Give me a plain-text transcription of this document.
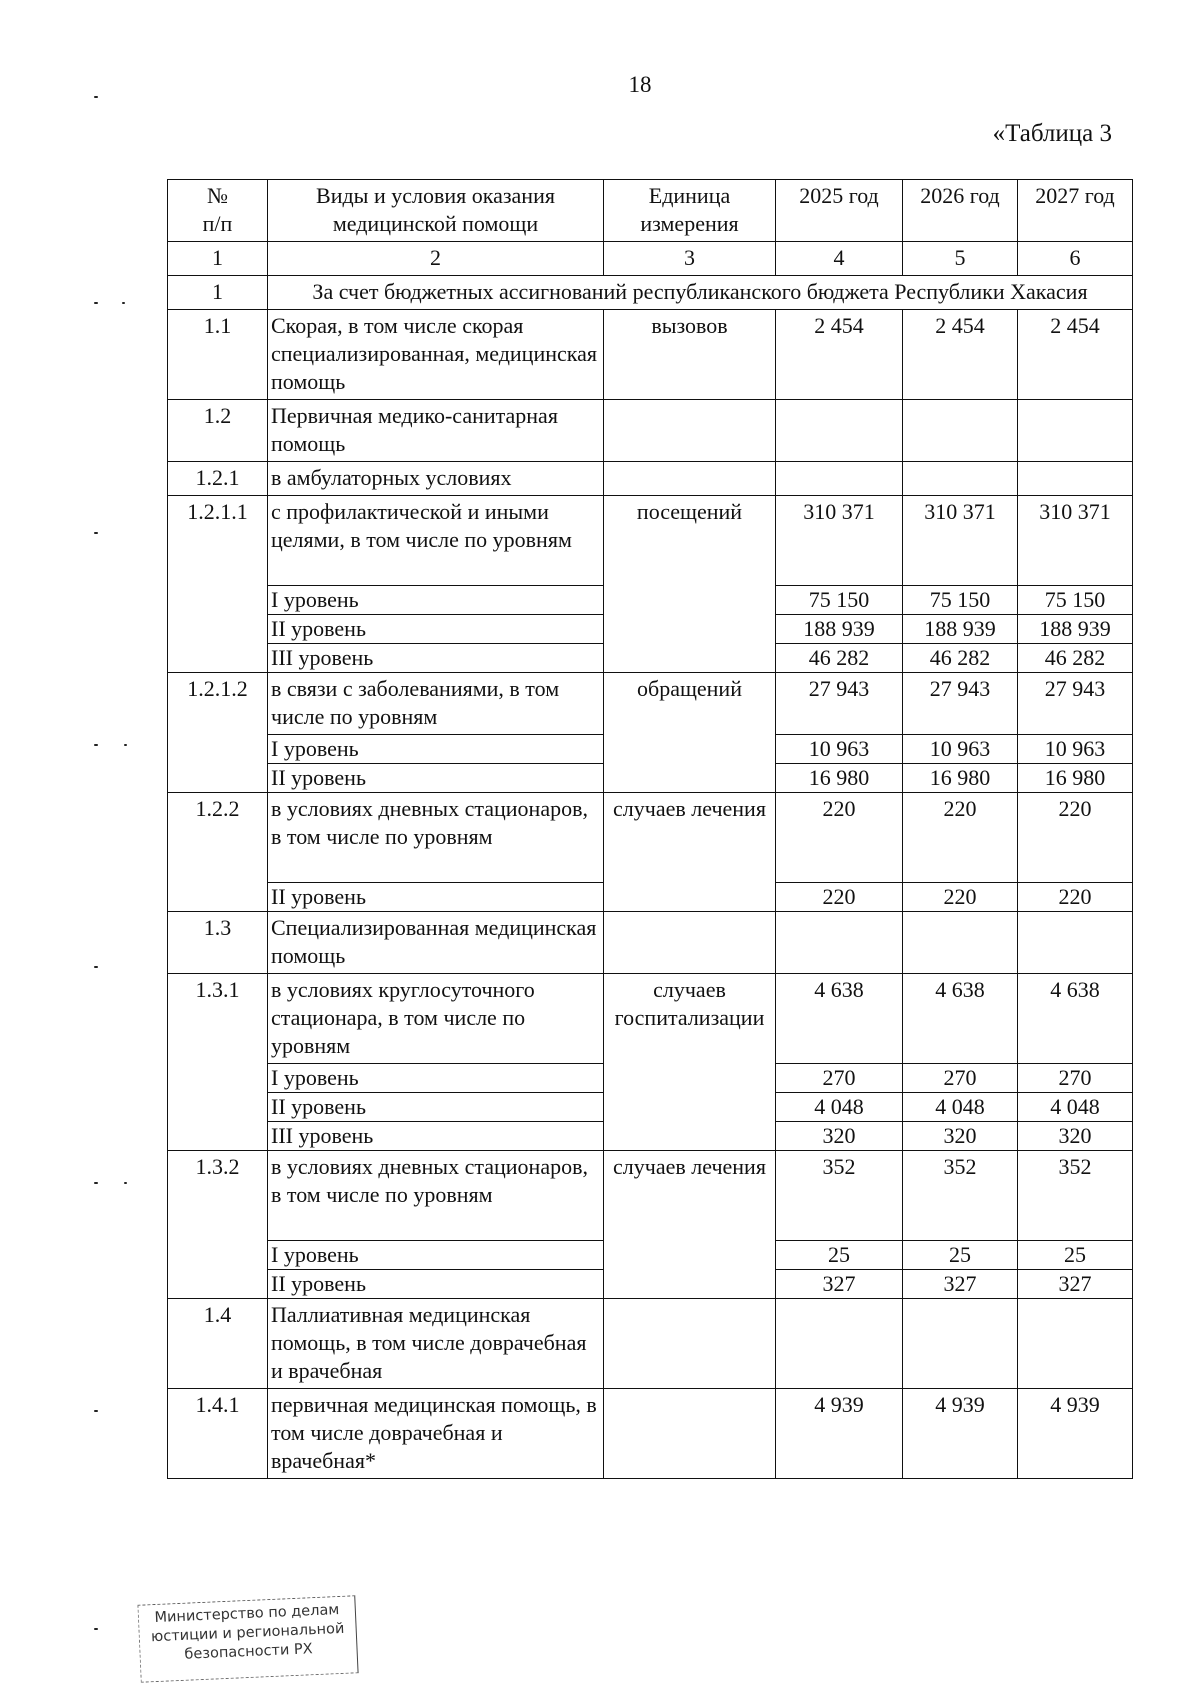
18
«Таблица 3
№
п/п	Виды и условия оказания медицинской помощи	Единица измерения	2025 год	2026 год	2027 год
1	2	3	4	5	6
1	За счет бюджетных ассигнований республиканского бюджета Республики Хакасия				
1.1	Скорая, в том числе скорая специализированная, медицинская помощь	вызовов	2 454	2 454	2 454
1.2	Первичная медико-санитарная помощь				
1.2.1	в амбулаторных условиях				
1.2.1.1	с профилактической и иными целями, в том числе по уровням	посещений	310 371	310 371	310 371
	I уровень		75 150	75 150	75 150
	II уровень		188 939	188 939	188 939
	III уровень		46 282	46 282	46 282
1.2.1.2	в связи с заболеваниями, в том числе по уровням	обращений	27 943	27 943	27 943
	I уровень		10 963	10 963	10 963
	II уровень		16 980	16 980	16 980
1.2.2	в условиях дневных стационаров, в том числе по уровням	случаев лечения	220	220	220
	II уровень		220	220	220
1.3	Специализированная медицинская помощь				
1.3.1	в условиях круглосуточного стационара, в том числе по уровням	случаев госпитализации	4 638	4 638	4 638
	I уровень		270	270	270
	II уровень		4 048	4 048	4 048
	III уровень		320	320	320
1.3.2	в условиях дневных стационаров, в том числе по уровням	случаев лечения	352	352	352
	I уровень		25	25	25
	II уровень		327	327	327
1.4	Паллиативная медицинская помощь, в том числе доврачебная и врачебная				
1.4.1	первичная медицинская помощь, в том числе доврачебная и врачебная*		4 939	4 939	4 939
Министерство по делам
юстиции и региональной
безопасности РХ
